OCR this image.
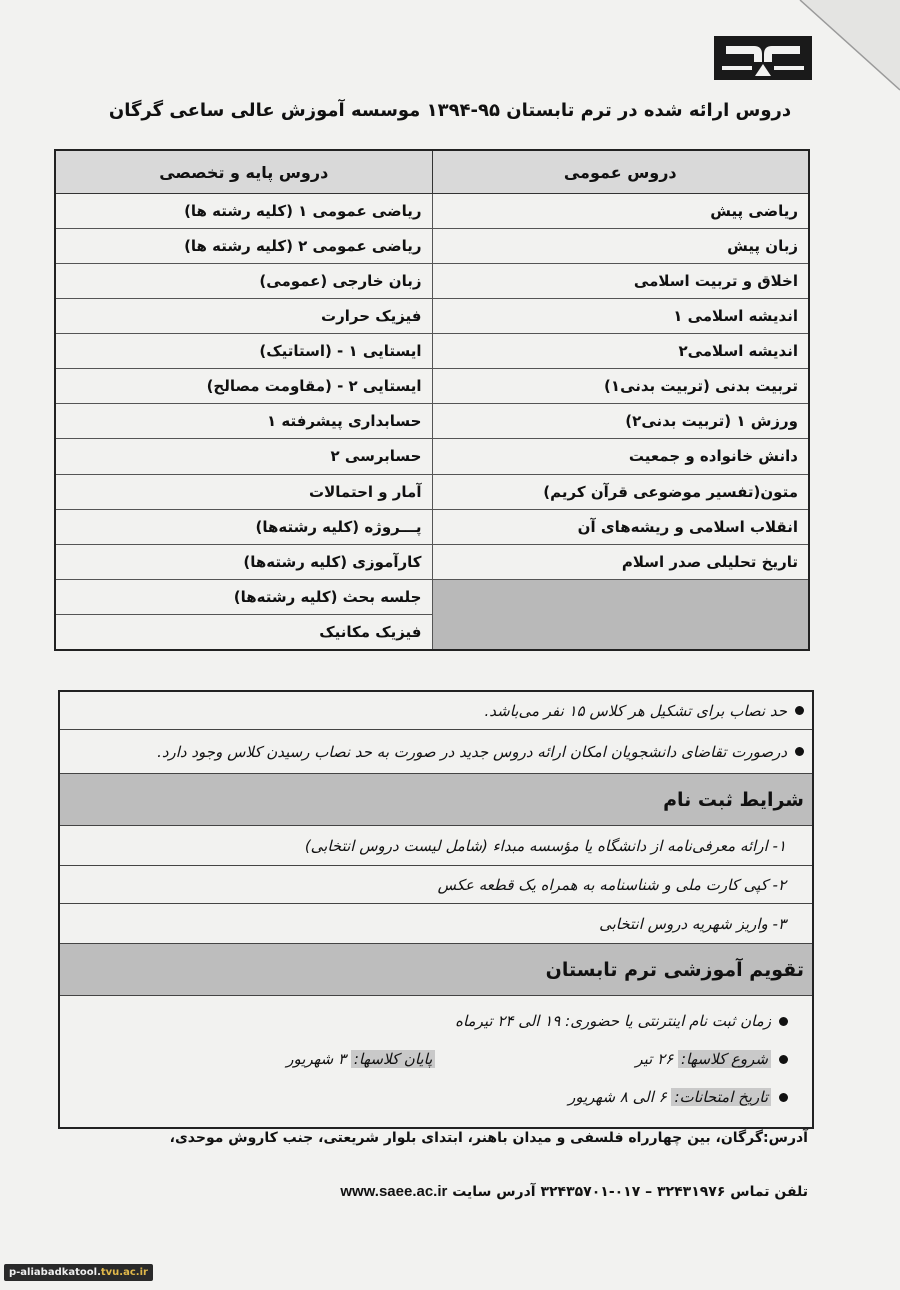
دروس ارائه شده در ترم تابستان ۹۵-۱۳۹۴ موسسه آموزش عالی ساعی گرگان
دروس عمومی	دروس پایه و تخصصی
ریاضی پیش	ریاضی عمومی ۱ (کلیه رشته ها)
زبان پیش	ریاضی عمومی ۲ (کلیه رشته ها)
اخلاق و تربیت اسلامی	زبان خارجی (عمومی)
اندیشه اسلامی ۱	فیزیک حرارت
اندیشه اسلامی۲	ایستایی ۱ - (استاتیک)
تربیت بدنی (تربیت بدنی۱)	ایستایی ۲ - (مقاومت مصالح)
ورزش ۱ (تربیت بدنی۲)	حسابداری پیشرفته ۱
دانش خانواده و جمعیت	حسابرسی ۲
متون(تفسیر موضوعی قرآن کریم)	آمار و احتمالات
انقلاب اسلامی و ریشه‌های آن	پـــروژه (کلیه رشته‌ها)
تاریخ تحلیلی صدر اسلام	کارآموزی (کلیه رشته‌ها)
	جلسه بحث (کلیه رشته‌ها)
	فیزیک مکانیک
حد نصاب برای تشکیل هر کلاس ۱۵ نفر می‌باشد.
درصورت تقاضای دانشجویان امکان ارائه دروس جدید در صورت به حد نصاب رسیدن کلاس وجود دارد.
شرایط ثبت نام
۱- ارائه معرفی‌نامه از دانشگاه یا مؤسسه مبداء (شامل لیست دروس انتخابی)
۲- کپی کارت ملی و شناسنامه به همراه یک قطعه عکس
۳- واریز شهریه دروس انتخابی
تقویم آموزشی ترم تابستان
زمان ثبت نام اینترنتی یا حضوری:

۱۹ الی ۲۴ تیرماه
شروع کلاسها:

۲۶ تیر
پایان کلاسها:

۳ شهریور
تاریخ امتحانات:

۶ الی ۸ شهریور
آدرس:گرگان، بین چهارراه فلسفی و میدان باهنر، ابتدای بلوار شریعتی، جنب کاروش موحدی،
تلفن تماس ۳۲۴۳۱۹۷۶ – ۰۱۷-۳۲۴۳۵۷۰۱ آدرس سایت www.saee.ac.ir
p-aliabadkatool.tvu.ac.ir
